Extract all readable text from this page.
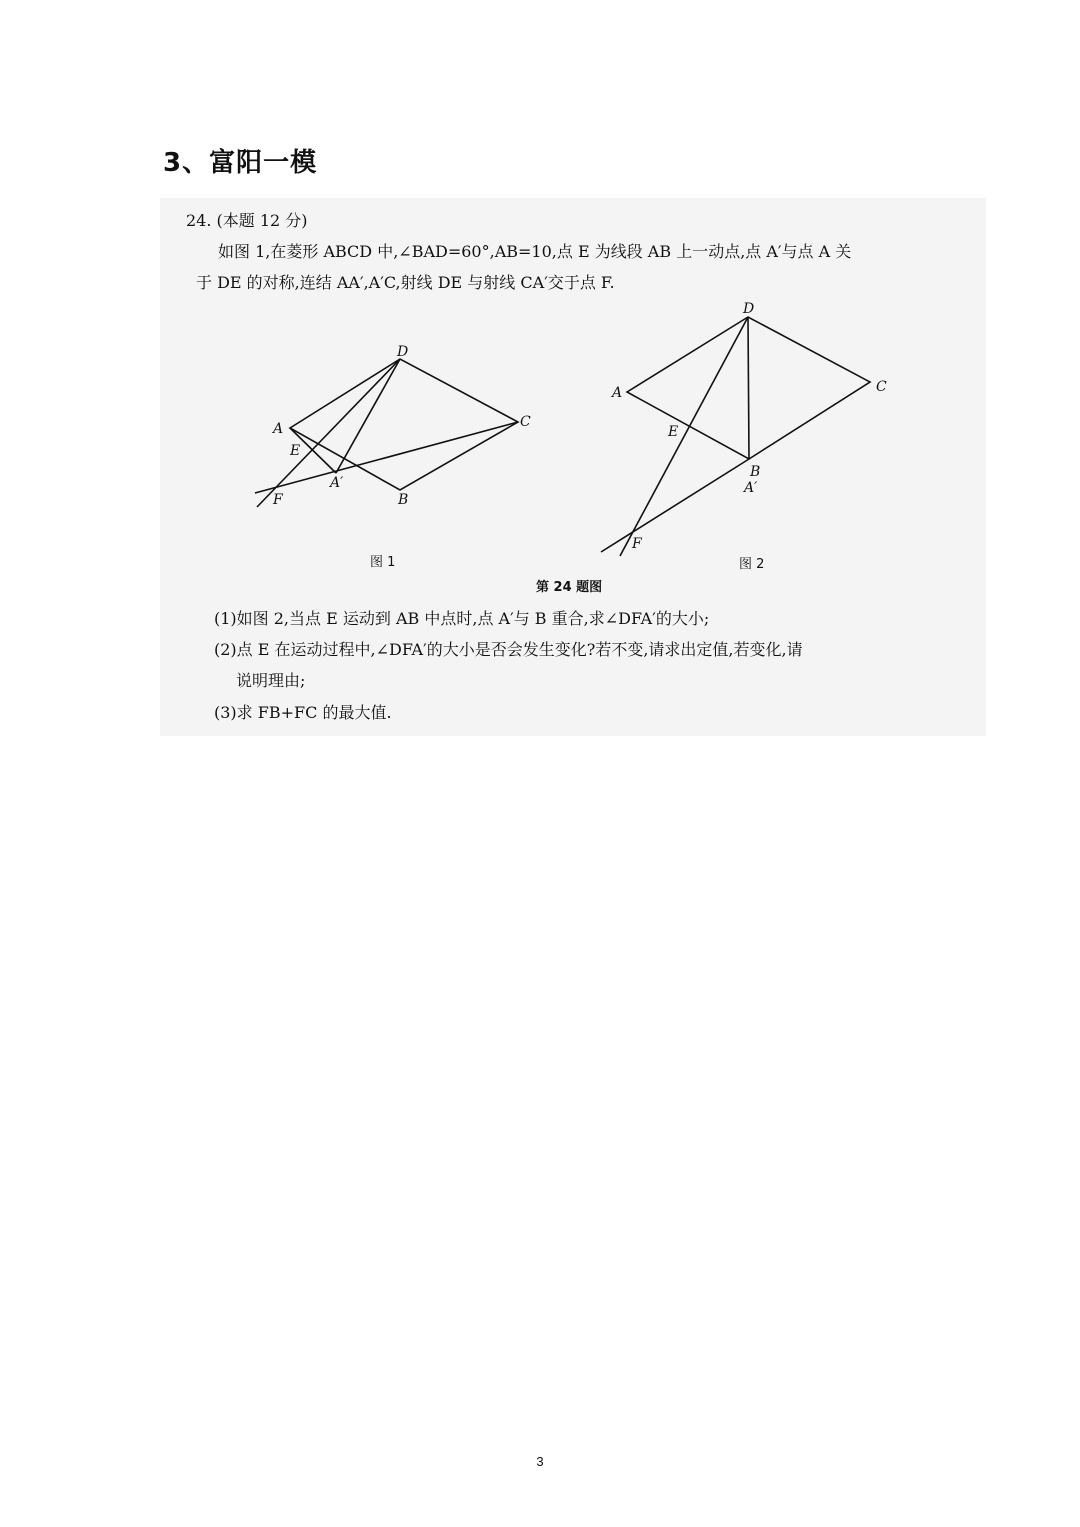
3、富阳一模

24. (本题 12 分)

如图 1,在菱形 ABCD 中,∠BAD=60°,AB=10,点 E 为线段 AB 上一动点,点 A′与点 A 关
于 DE 的对称,连结 AA′,A′C,射线 DE 与射线 CA′交于点 F.

D
A	C
E
A′
B
F
图 1
D
A	C
E
B
A′
F
图 2
第 24 题图

(1)如图 2,当点 E 运动到 AB 中点时,点 A′与 B 重合,求∠DFA′的大小;

(2)点 E 在运动过程中,∠DFA′的大小是否会发生变化?若不变,请求出定值,若变化,请
说明理由;

(3)求 FB+FC 的最大值.

3
